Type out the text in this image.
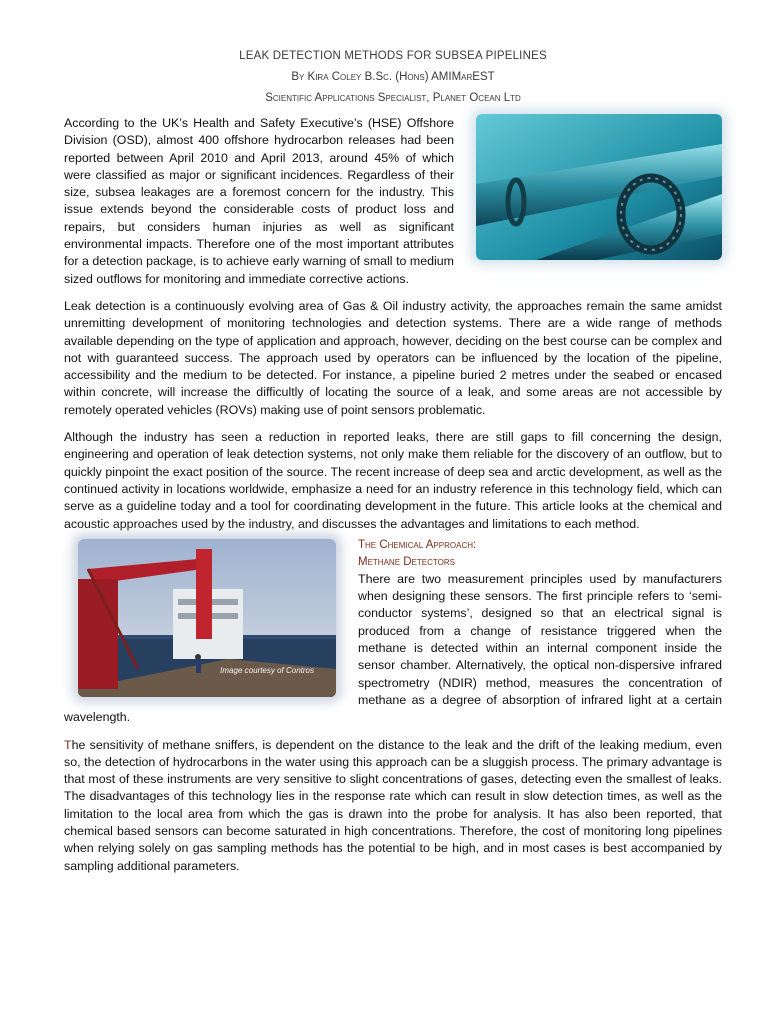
LEAK DETECTION METHODS FOR SUBSEA PIPELINES
By Kira Coley B.Sc. (Hons) AMIMarEST
Scientific Applications Specialist, Planet Ocean Ltd

According to the UK’s Health and Safety Executive’s (HSE) Offshore Division (OSD), almost 400 offshore hydrocarbon releases had been reported between April 2010 and April 2013, around 45% of which were classified as major or significant incidences. Regardless of their size, subsea leakages are a foremost concern for the industry. This issue extends beyond the considerable costs of product loss and repairs, but considers human injuries as well as significant environmental impacts. Therefore one of the most important attributes for a detection package, is to achieve early warning of small to medium sized outflows for monitoring and immediate corrective actions.

Leak detection is a continuously evolving area of Gas & Oil industry activity, the approaches remain the same amidst unremitting development of monitoring technologies and detection systems. There are a wide range of methods available depending on the type of application and approach, however, deciding on the best course can be complex and not with guaranteed success. The approach used by operators can be influenced by the location of the pipeline, accessibility and the medium to be detected. For instance, a pipeline buried 2 metres under the seabed or encased within concrete, will increase the difficultly of locating the source of a leak, and some areas are not accessible by remotely operated vehicles (ROVs) making use of point sensors problematic.

Although the industry has seen a reduction in reported leaks, there are still gaps to fill concerning the design, engineering and operation of leak detection systems, not only make them reliable for the discovery of an outflow, but to quickly pinpoint the exact position of the source. The recent increase of deep sea and arctic development, as well as the continued activity in locations worldwide, emphasize a need for an industry reference in this technology field, which can serve as a guideline today and a tool for coordinating development in the future. This article looks at the chemical and acoustic approaches used by the industry, and discusses the advantages and limitations to each method.

Image courtesy of Contros
The Chemical Approach:
Methane Detectors

There are two measurement principles used by manufacturers when designing these sensors. The first principle refers to ‘semi-conductor systems’, designed so that an electrical signal is produced from a change of resistance triggered when the methane is detected within an internal component inside the sensor chamber. Alternatively, the optical non-dispersive infrared spectrometry (NDIR) method, measures the concentration of methane as a degree of absorption of infrared light at a certain wavelength.

The sensitivity of methane sniffers, is dependent on the distance to the leak and the drift of the leaking medium, even so, the detection of hydrocarbons in the water using this approach can be a sluggish process. The primary advantage is that most of these instruments are very sensitive to slight concentrations of gases, detecting even the smallest of leaks. The disadvantages of this technology lies in the response rate which can result in slow detection times, as well as the limitation to the local area from which the gas is drawn into the probe for analysis. It has also been reported, that chemical based sensors can become saturated in high concentrations. Therefore, the cost of monitoring long pipelines when relying solely on gas sampling methods has the potential to be high, and in most cases is best accompanied by sampling additional parameters.
